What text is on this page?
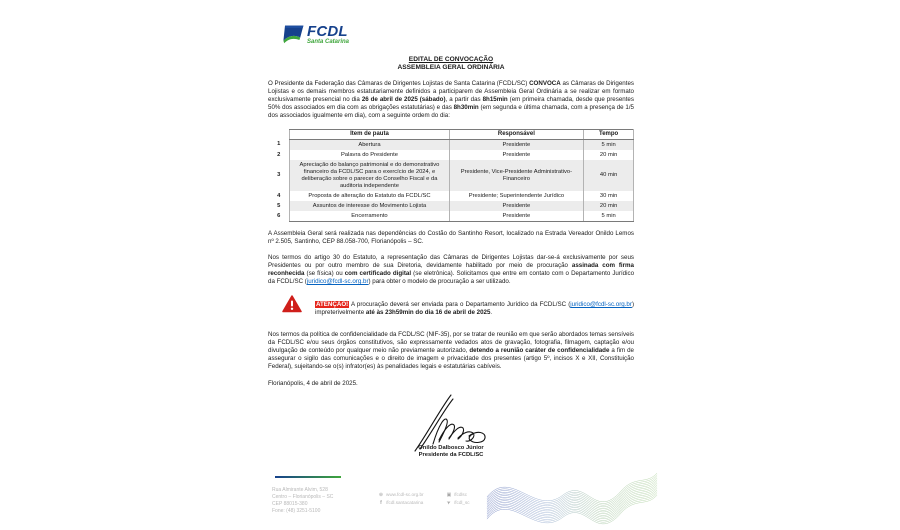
FCDL
Santa Catarina
EDITAL DE CONVOCAÇÃO
ASSEMBLEIA GERAL ORDINÁRIA

O Presidente da Federação das Câmaras de Dirigentes Lojistas de Santa Catarina (FCDL/SC) CONVOCA as Câmaras de Dirigentes Lojistas e os demais membros estatutariamente definidos a participarem de Assembleia Geral Ordinária a se realizar em formato exclusivamente presencial no dia 26 de abril de 2025 (sábado), a partir das 8h15min (em primeira chamada, desde que presentes 50% dos associados em dia com as obrigações estatutárias) e das 8h30min (em segunda e última chamada, com a presença de 1/5 dos associados igualmente em dia), com a seguinte ordem do dia:

	Item de pauta	Responsável	Tempo
1	Abertura	Presidente	5 min
2	Palavra do Presidente	Presidente	20 min
3	Apreciação do balanço patrimonial e do demonstrativo financeiro da FCDL/SC para o exercício de 2024, e deliberação sobre o parecer do Conselho Fiscal e da auditoria independente	Presidente, Vice-Presidente Administrativo-Financeiro	40 min
4	Proposta de alteração do Estatuto da FCDL/SC	Presidente; Superintendente Jurídico	30 min
5	Assuntos de interesse do Movimento Lojista	Presidente	20 min
6	Encerramento	Presidente	5 min

A Assembleia Geral será realizada nas dependências do Costão do Santinho Resort, localizado na Estrada Vereador Onildo Lemos nº 2.505, Santinho, CEP 88.058-700, Florianópolis – SC.

Nos termos do artigo 30 do Estatuto, a representação das Câmaras de Dirigentes Lojistas dar-se-á exclusivamente por seus Presidentes ou por outro membro de sua Diretoria, devidamente habilitado por meio de procuração assinada com firma reconhecida (se física) ou com certificado digital (se eletrônica). Solicitamos que entre em contato com o Departamento Jurídico da FCDL/SC (juridico@fcdl-sc.org.br) para obter o modelo de procuração a ser utilizado.

ATENÇÃO! A procuração deverá ser enviada para o Departamento Jurídico da FCDL/SC (juridico@fcdl-sc.org.br) impreterivelmente até às 23h59min do dia 16 de abril de 2025.

Nos termos da política de confidencialidade da FCDL/SC (NIF-35), por se tratar de reunião em que serão abordados temas sensíveis da FCDL/SC e/ou seus órgãos constitutivos, são expressamente vedados atos de gravação, fotografia, filmagem, captação e/ou divulgação de conteúdo por qualquer meio não previamente autorizado, detendo a reunião caráter de confidencialidade a fim de assegurar o sigilo das comunicações e o direito de imagem e privacidade dos presentes (artigo 5º, incisos X e XII, Constituição Federal), sujeitando-se o(s) infrator(es) às penalidades legais e estatutárias cabíveis.

Florianópolis, 4 de abril de 2025.

Onildo Dalbosco Júnior
Presidente da FCDL/SC
Rua Almirante Alvim, 528
Centro – Florianópolis – SC
CEP 88015-380
Fone: (48) 3251-5100
⊕ www.fcdl-sc.org.br	▣ /fcdlsc
f /fcdl.santacatarina	➤ /fcdl_sc
